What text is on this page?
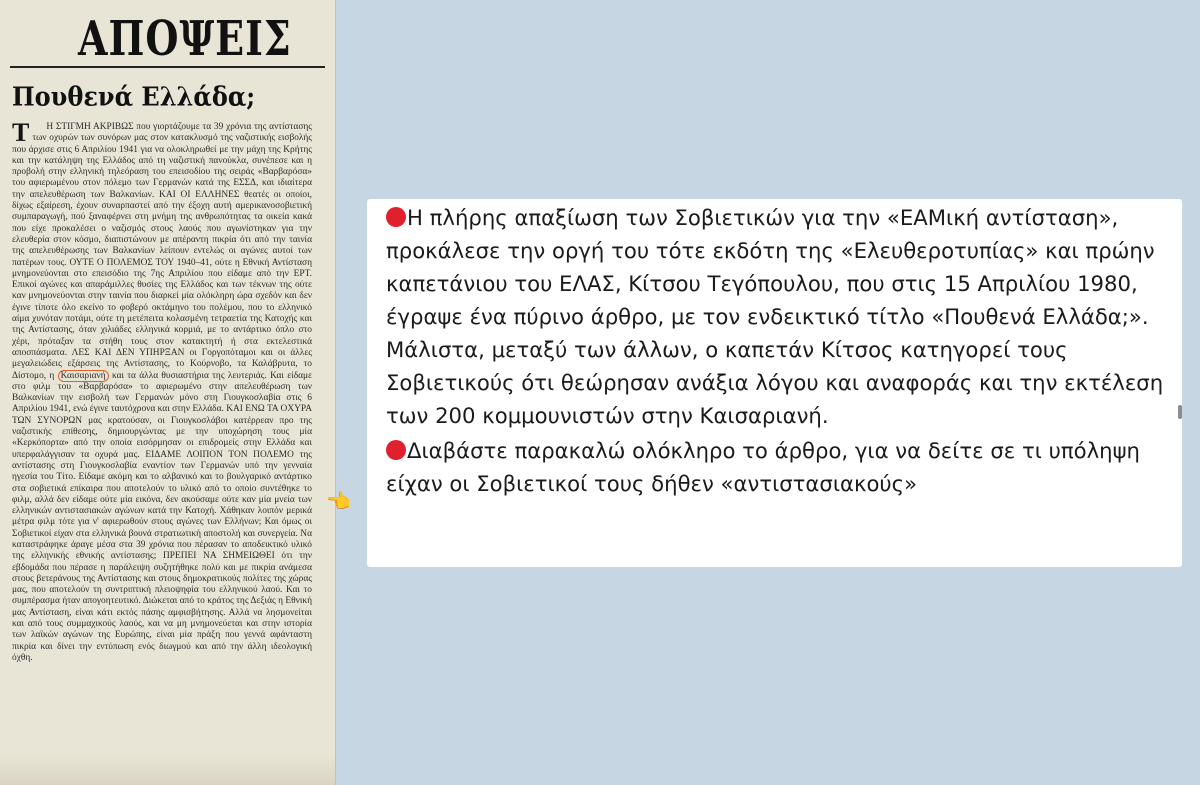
ΑΠΟΨΕΙΣ
Πουθενά Ελλάδα;
Τ Η ΣΤΙΓΜΗ ΑΚΡΙΒΩΣ που γιορτάζουμε τα 39 χρόνια της αντίστασης των οχυρών των συνόρων μας στον κατακλυσμό της ναζιστικής εισβολής που άρχισε στις 6 Απριλίου 1941 για να ολοκληρωθεί με την μάχη της Κρήτης και την κατάληψη της Ελλάδος από τη ναζιστική πανούκλα, συνέπεσε και η προβολή στην ελληνική τηλεόραση του επεισοδίου της σειράς «Βαρβαρόσα» του αφιερωμένου στον πόλεμο των Γερμανών κατά της ΕΣΣΔ, και ιδιαίτερα την απελευθέρωση των Βαλκανίων. ΚΑΙ ΟΙ ΕΛΛΗΝΕΣ θεατές οι οποίοι, δίχως εξαίρεση, έχουν συναρπαστεί από την έξοχη αυτή αμερικανοσοβιετική συμπαραγωγή, πού ξαναφέρνει στη μνήμη της ανθρωπότητας τα οικεία κακά που είχε προκαλέσει ο ναζισμός στους λαούς που αγωνίστηκαν για την ελευθερία στον κόσμο, διαπιστώνουν με απέραντη πικρία ότι από την ταινία της απελευθέρωσης των Βαλκανίων λείπουν εντελώς οι αγώνες αυτοί των πατέρων τους. ΟΥΤΕ Ο ΠΟΛΕΜΟΣ ΤΟΥ 1940–41, ούτε η Εθνική Αντίσταση μνημονεύονται στο επεισόδιο της 7ης Απριλίου που είδαμε από την ΕΡΤ. Επικοί αγώνες και απαράμιλλες θυσίες της Ελλάδος και των τέκνων της ούτε καν μνημονεύονται στην ταινία που διαρκεί μία ολόκληρη ώρα σχεδόν και δεν έγινε τίποτε όλο εκείνο το φοβερό οκτάμηνο του πολέμου, που το ελληνικό αίμα χυνόταν ποτάμι, ούτε τη μετέπειτα κολασμένη τετραετία της Κατοχής και της Αντίστασης, όταν χιλιάδες ελληνικά κορμιά, με το αντάρτικο όπλο στο χέρι, πρόταξαν τα στήθη τους στον κατακτητή ή στα εκτελεστικά αποσπάσματα. ΛΕΣ ΚΑΙ ΔΕΝ ΥΠΗΡΞΑΝ οι Γοργοπόταμοι και οι άλλες μεγαλειώδεις εξάρσεις της Αντίστασης, το Κούρνοβο, τα Καλάβρυτα, το Δίστομο, η Καισαριανή και τα άλλα θυσιαστήρια της λευτεριάς. Και είδαμε στο φιλμ του «Βαρβαρόσα» το αφιερωμένο στην απελευθέρωση των Βαλκανίων την εισβολή των Γερμανών μόνο στη Γιουγκοσλαβία στις 6 Απριλίου 1941, ενώ έγινε ταυτόχρονα και στην Ελλάδα. ΚΑΙ ΕΝΩ ΤΑ ΟΧΥΡΑ ΤΩΝ ΣΥΝΟΡΩΝ μας κρατούσαν, οι Γιουγκοσλάβοι κατέρρεαν προ της ναζιστικής επίθεσης, δημιουργώντας με την υποχώρηση τους μία «Κερκόπορτα» από την οποία εισόρμησαν οι επιδρομείς στην Ελλάδα και υπερφαλάγγισαν τα οχυρά μας. ΕΙΔΑΜΕ ΛΟΙΠΟΝ ΤΟΝ ΠΟΛΕΜΟ της αντίστασης στη Γιουγκοσλαβία εναντίον των Γερμανών υπό την γενναία ηγεσία του Τίτο. Είδαμε ακόμη και το αλβανικό και το βουλγαρικό αντάρτικο στα σοβιετικά επίκαιρα που αποτελούν το υλικό από το οποίο συντέθηκε το φιλμ, αλλά δεν είδαμε ούτε μία εικόνα, δεν ακούσαμε ούτε καν μία μνεία των ελληνικών αντιστασιακών αγώνων κατά την Κατοχή. Χάθηκαν λοιπόν μερικά μέτρα φιλμ τότε για ν' αφιερωθούν στους αγώνες των Ελλήνων; Και όμως οι Σοβιετικοί είχαν στα ελληνικά βουνά στρατιωτική αποστολή και συνεργεία. Να καταστράφηκε άραγε μέσα στα 39 χρόνια που πέρασαν το αποδεικτικό υλικό της ελληνικής εθνικής αντίστασης; ΠΡΕΠΕΙ ΝΑ ΣΗΜΕΙΩΘΕΙ ότι την εβδομάδα που πέρασε η παράλειψη συζητήθηκε πολύ και με πικρία ανάμεσα στους βετεράνους της Αντίστασης και στους δημοκρατικούς πολίτες της χώρας μας, που αποτελούν τη συντριπτική πλειοψηφία του ελληνικού λαού. Και το συμπέρασμα ήταν απογοητευτικό. Διώκεται από το κράτος της Δεξιάς η Εθνική μας Αντίσταση, είναι κάτι εκτός πάσης αμφισβήτησης. Αλλά να λησμονείται και από τους συμμαχικούς λαούς, και να μη μνημονεύεται και στην ιστορία των λαϊκών αγώνων της Ευρώπης, είναι μία πράξη που γεννά αφάνταστη πικρία και δίνει την εντύπωση ενός διωγμού και από την άλλη ιδεολογική όχθη.
👈
Η πλήρης απαξίωση των Σοβιετικών για την «ΕΑΜική αντίσταση», προκάλεσε την οργή του τότε εκδότη της «Ελευθεροτυπίας» και πρώην καπετάνιου του ΕΛΑΣ, Κίτσου Τεγόπουλου, που στις 15 Απριλίου 1980, έγραψε ένα πύρινο άρθρο, με τον ενδεικτικό τίτλο «Πουθενά Ελλάδα;». Μάλιστα, μεταξύ των άλλων, ο καπετάν Κίτσος κατηγορεί τους Σοβιετικούς ότι θεώρησαν ανάξια λόγου και αναφοράς και την εκτέλεση των 200 κομμουνιστών στην Καισαριανή.
Διαβάστε παρακαλώ ολόκληρο το άρθρο, για να δείτε σε τι υπόληψη είχαν οι Σοβιετικοί τους δήθεν «αντιστασιακούς»
